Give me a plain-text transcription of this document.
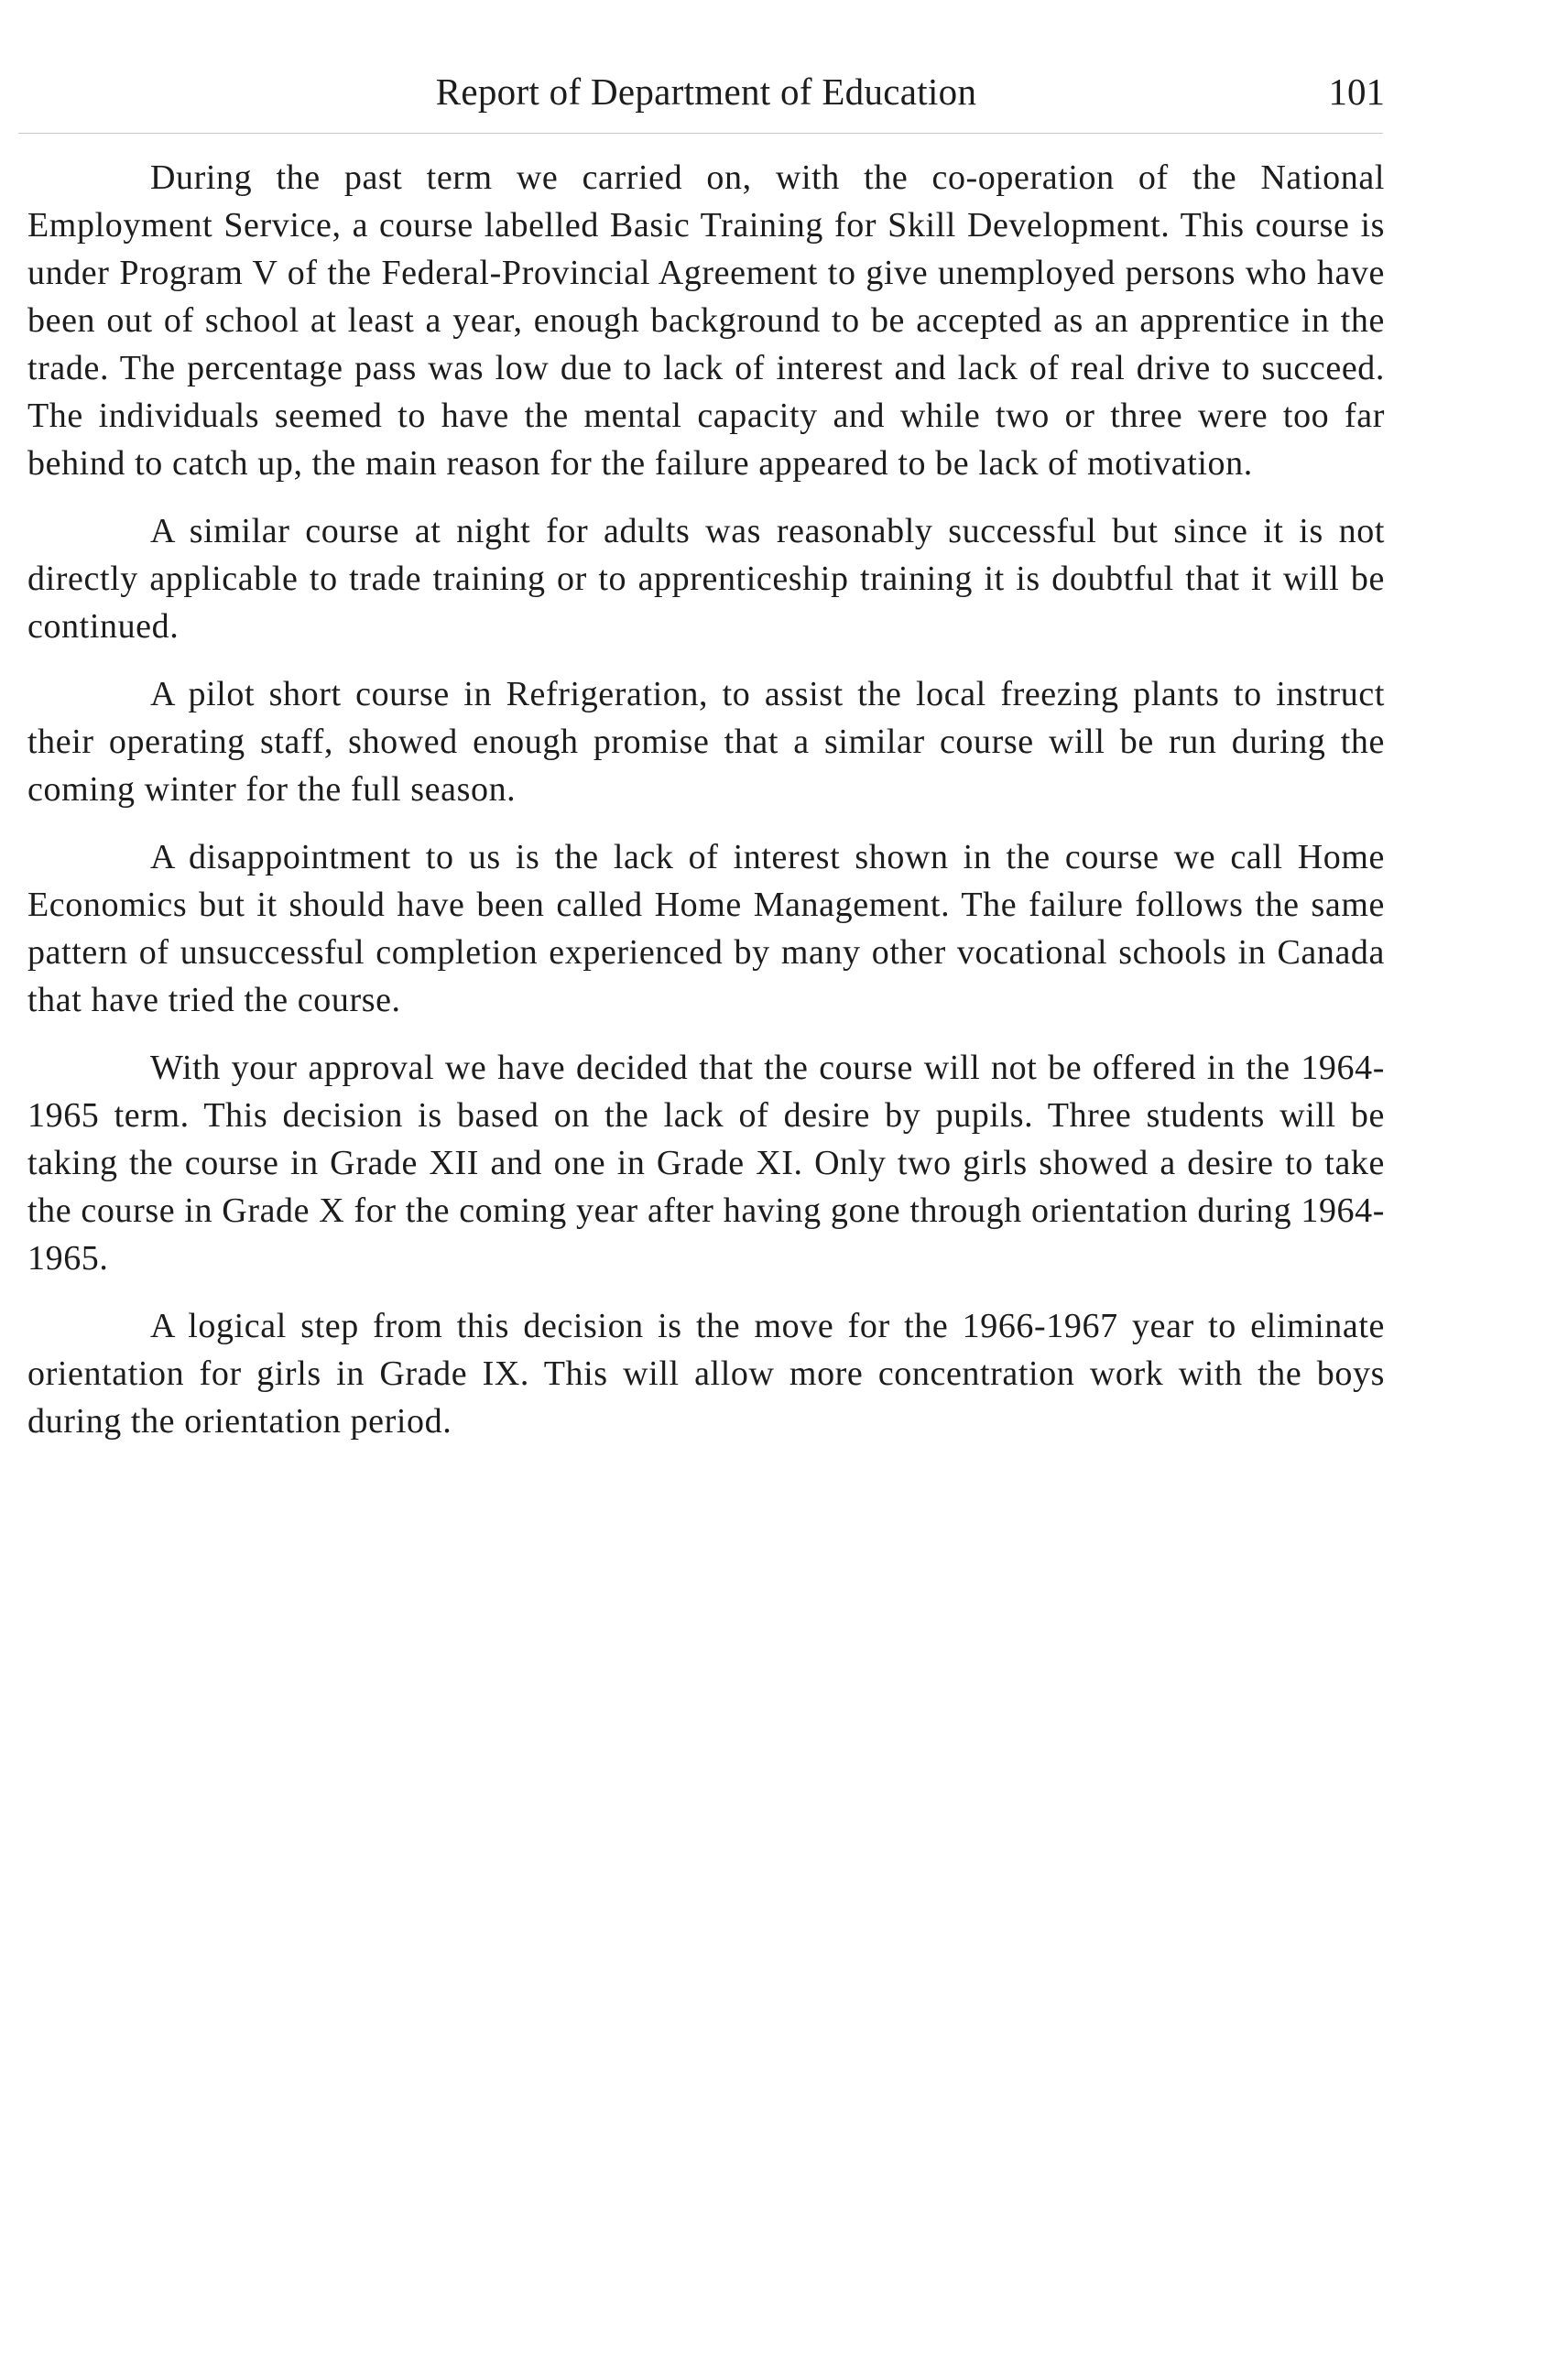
Report of Department of Education	101

During the past term we carried on, with the co-operation of the National Employment Service, a course labelled Basic Training for Skill Development. This course is under Program V of the Federal-Provincial Agreement to give unemployed persons who have been out of school at least a year, enough background to be accepted as an apprentice in the trade. The percentage pass was low due to lack of interest and lack of real drive to succeed. The individuals seemed to have the mental capacity and while two or three were too far behind to catch up, the main reason for the failure appeared to be lack of motivation.

A similar course at night for adults was reasonably successful but since it is not directly applicable to trade training or to apprenticeship training it is doubtful that it will be continued.

A pilot short course in Refrigeration, to assist the local freezing plants to instruct their operating staff, showed enough promise that a similar course will be run during the coming winter for the full season.

A disappointment to us is the lack of interest shown in the course we call Home Economics but it should have been called Home Management. The failure follows the same pattern of unsuccessful completion experienced by many other vocational schools in Canada that have tried the course.

With your approval we have decided that the course will not be offered in the 1964-1965 term. This decision is based on the lack of desire by pupils. Three students will be taking the course in Grade XII and one in Grade XI. Only two girls showed a desire to take the course in Grade X for the coming year after having gone through orientation during 1964-1965.

A logical step from this decision is the move for the 1966-1967 year to eliminate orientation for girls in Grade IX. This will allow more concentration work with the boys during the orientation period.
